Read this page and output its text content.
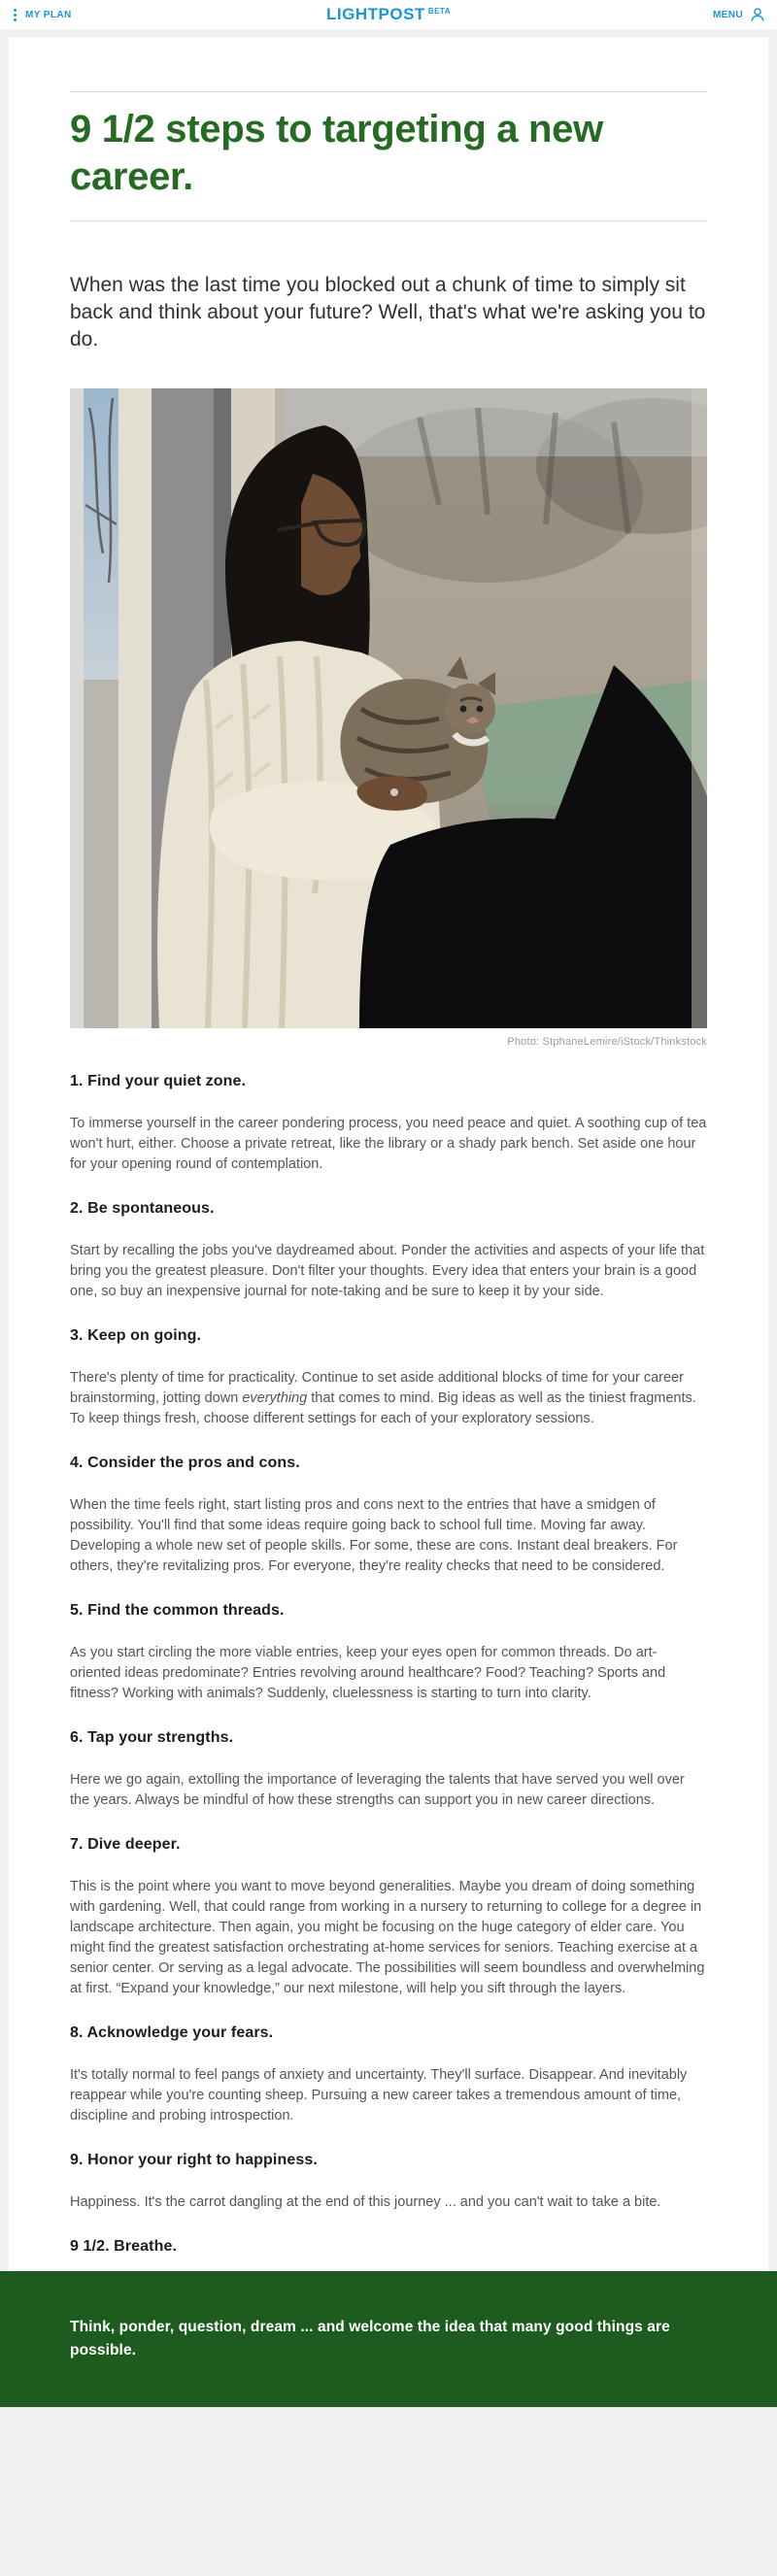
MY PLAN	LIGHTPOST BETA	MENU
9 1/2 steps to targeting a new career.

When was the last time you blocked out a chunk of time to simply sit back and think about your future? Well, that's what we're asking you to do.

Photo: StphaneLemire/iStock/Thinkstock
1. Find your quiet zone.

To immerse yourself in the career pondering process, you need peace and quiet. A soothing cup of tea won't hurt, either. Choose a private retreat, like the library or a shady park bench. Set aside one hour for your opening round of contemplation.

2. Be spontaneous.

Start by recalling the jobs you've daydreamed about. Ponder the activities and aspects of your life that bring you the greatest pleasure. Don't filter your thoughts. Every idea that enters your brain is a good one, so buy an inexpensive journal for note-taking and be sure to keep it by your side.

3. Keep on going.

There's plenty of time for practicality. Continue to set aside additional blocks of time for your career brainstorming, jotting down everything that comes to mind. Big ideas as well as the tiniest fragments. To keep things fresh, choose different settings for each of your exploratory sessions.

4. Consider the pros and cons.

When the time feels right, start listing pros and cons next to the entries that have a smidgen of possibility. You'll find that some ideas require going back to school full time. Moving far away. Developing a whole new set of people skills. For some, these are cons. Instant deal breakers. For others, they're revitalizing pros. For everyone, they're reality checks that need to be considered.

5. Find the common threads.

As you start circling the more viable entries, keep your eyes open for common threads. Do art-oriented ideas predominate? Entries revolving around healthcare? Food? Teaching? Sports and fitness? Working with animals? Suddenly, cluelessness is starting to turn into clarity.

6. Tap your strengths.

Here we go again, extolling the importance of leveraging the talents that have served you well over the years. Always be mindful of how these strengths can support you in new career directions.

7. Dive deeper.

This is the point where you want to move beyond generalities. Maybe you dream of doing something with gardening. Well, that could range from working in a nursery to returning to college for a degree in landscape architecture. Then again, you might be focusing on the huge category of elder care. You might find the greatest satisfaction orchestrating at-home services for seniors. Teaching exercise at a senior center. Or serving as a legal advocate. The possibilities will seem boundless and overwhelming at first. “Expand your knowledge,” our next milestone, will help you sift through the layers.

8. Acknowledge your fears.

It's totally normal to feel pangs of anxiety and uncertainty. They'll surface. Disappear. And inevitably reappear while you're counting sheep. Pursuing a new career takes a tremendous amount of time, discipline and probing introspection.

9. Honor your right to happiness.

Happiness. It's the carrot dangling at the end of this journey ... and you can't wait to take a bite.

9 1/2. Breathe.

Think, ponder, question, dream ... and welcome the idea that many good things are possible.
